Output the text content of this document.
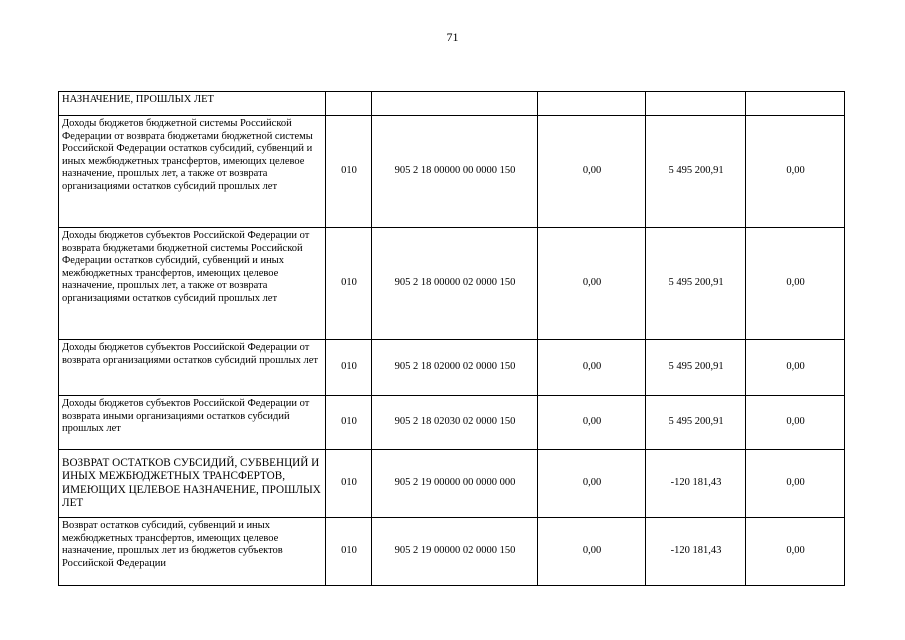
71
НАЗНАЧЕНИЕ, ПРОШЛЫХ ЛЕТ					
Доходы бюджетов бюджетной системы Российской Федерации от возврата бюджетами бюджетной системы Российской Федерации остатков субсидий, субвенций и иных межбюджетных трансфертов, имеющих целевое назначение, прошлых лет, а также от возврата организациями остатков субсидий прошлых лет	010	905 2 18 00000 00 0000 150	0,00	5 495 200,91	0,00
Доходы бюджетов субъектов Российской Федерации от возврата бюджетами бюджетной системы Российской Федерации остатков субсидий, субвенций и иных межбюджетных трансфертов, имеющих целевое назначение, прошлых лет, а также от возврата организациями остатков субсидий прошлых лет	010	905 2 18 00000 02 0000 150	0,00	5 495 200,91	0,00
Доходы бюджетов субъектов Российской Федерации от возврата организациями остатков субсидий прошлых лет	010	905 2 18 02000 02 0000 150	0,00	5 495 200,91	0,00
Доходы бюджетов субъектов Российской Федерации от возврата иными организациями остатков субсидий прошлых лет	010	905 2 18 02030 02 0000 150	0,00	5 495 200,91	0,00
ВОЗВРАТ ОСТАТКОВ СУБСИДИЙ, СУБВЕНЦИЙ И ИНЫХ МЕЖБЮДЖЕТНЫХ ТРАНСФЕРТОВ, ИМЕЮЩИХ ЦЕЛЕВОЕ НАЗНАЧЕНИЕ, ПРОШЛЫХ ЛЕТ	010	905 2 19 00000 00 0000 000	0,00	-120 181,43	0,00
Возврат остатков субсидий, субвенций и иных межбюджетных трансфертов, имеющих целевое назначение, прошлых лет из бюджетов субъектов Российской Федерации	010	905 2 19 00000 02 0000 150	0,00	-120 181,43	0,00
